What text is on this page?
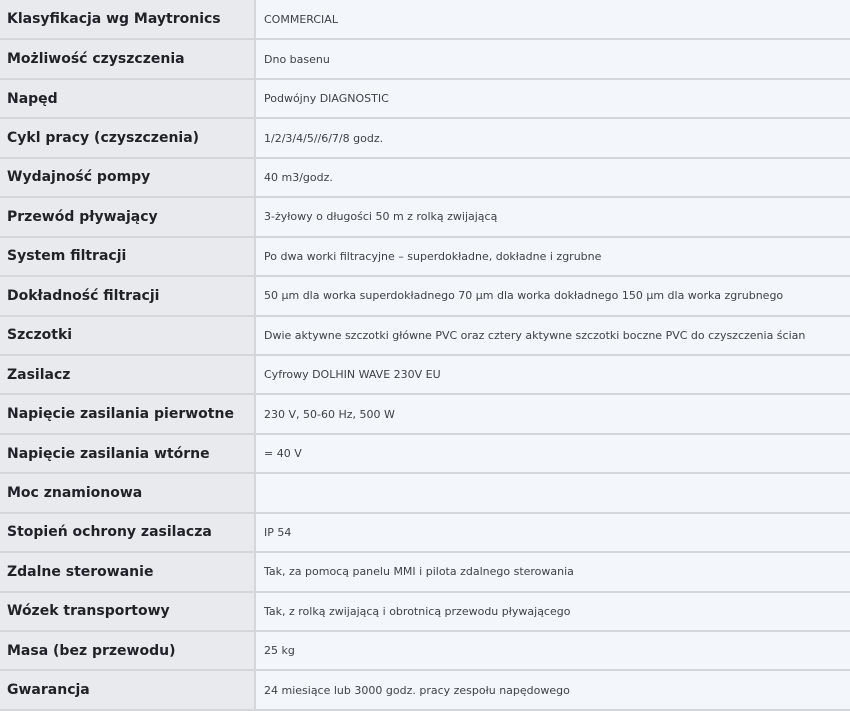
Klasyfikacja wg Maytronics	COMMERCIAL
Możliwość czyszczenia	Dno basenu
Napęd	Podwójny DIAGNOSTIC
Cykl pracy (czyszczenia)	1/2/3/4/5//6/7/8 godz.
Wydajność pompy	40 m3/godz.
Przewód pływający	3-żyłowy o długości 50 m z rolką zwijającą
System filtracji	Po dwa worki filtracyjne – superdokładne, dokładne i zgrubne
Dokładność filtracji	50 µm dla worka superdokładnego 70 µm dla worka dokładnego 150 µm dla worka zgrubnego
Szczotki	Dwie aktywne szczotki główne PVC oraz cztery aktywne szczotki boczne PVC do czyszczenia ścian
Zasilacz	Cyfrowy DOLHIN WAVE 230V EU
Napięcie zasilania pierwotne	230 V, 50-60 Hz, 500 W
Napięcie zasilania wtórne	= 40 V
Moc znamionowa	
Stopień ochrony zasilacza	IP 54
Zdalne sterowanie	Tak, za pomocą panelu MMI i pilota zdalnego sterowania
Wózek transportowy	Tak, z rolką zwijającą i obrotnicą przewodu pływającego
Masa (bez przewodu)	25 kg
Gwarancja	24 miesiące lub 3000 godz. pracy zespołu napędowego
